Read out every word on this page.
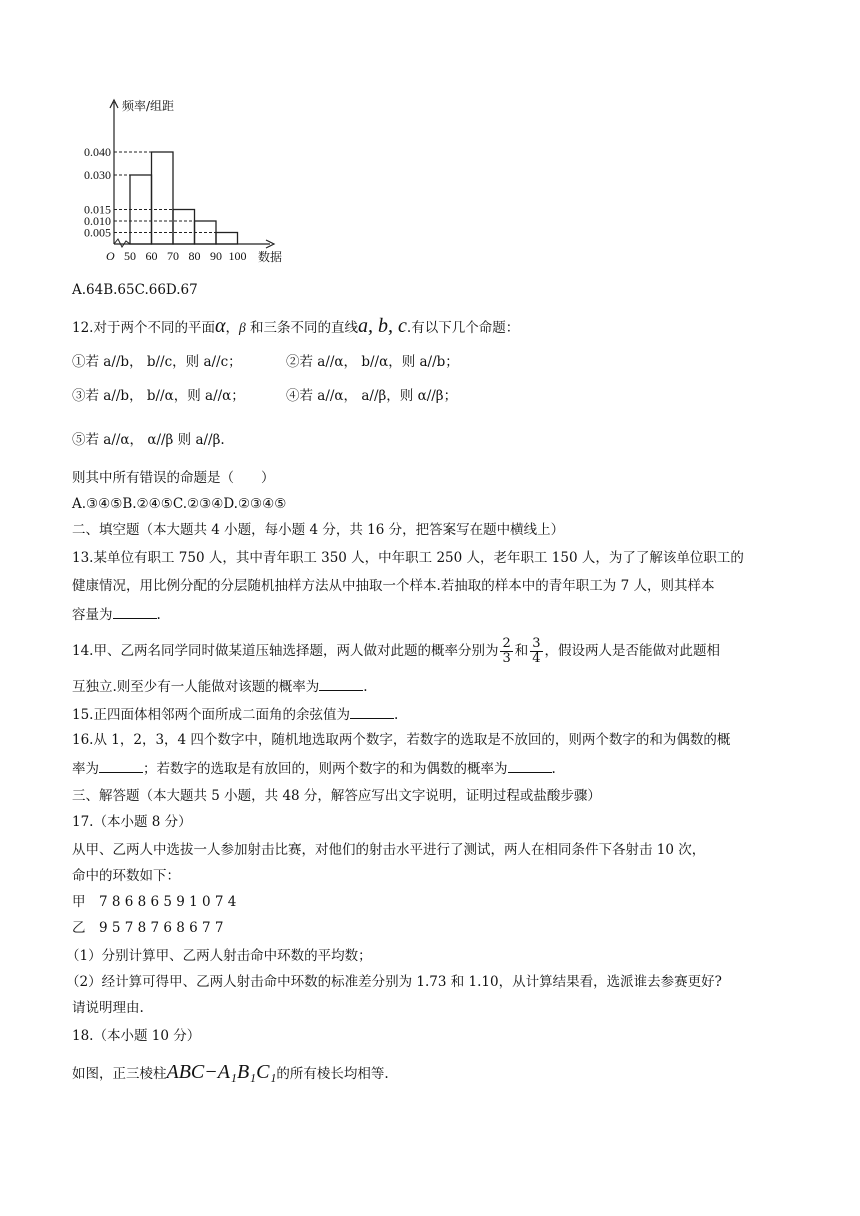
0.040
0.030
0.015
0.010
0.005
50 60 70 80 90 100
O
频率/组距
数据
A.64B.65C.66D.67
12.对于两个不同的平面α，β 和三条不同的直线a, b, c.有以下几个命题：
①若 a//b， b//c，则 a//c；	②若 a//α， b//α，则 a//b；
③若 a//b， b//α，则 a//α；	④若 a//α， a//β，则 α//β；
⑤若 a//α， α//β 则 a//β.
则其中所有错误的命题是（　　）
A.③④⑤B.②④⑤C.②③④D.②③④⑤
二、填空题（本大题共 4 小题，每小题 4 分，共 16 分，把答案写在题中横线上）
13.某单位有职工 750 人，其中青年职工 350 人，中年职工 250 人，老年职工 150 人，为了了解该单位职工的
健康情况，用比例分配的分层随机抽样方法从中抽取一个样本.若抽取的样本中的青年职工为 7 人，则其样本
容量为	.
14.甲、乙两名同学同时做某道压轴选择题，两人做对此题的概率分别为 $\frac{2}{3}$ 和 $\frac{3}{4}$ ，假设两人是否能做对此题相
互独立.则至少有一人能做对该题的概率为	.
15.正四面体相邻两个面所成二面角的余弦值为	.
16.从 1，2，3，4 四个数字中，随机地选取两个数字，若数字的选取是不放回的，则两个数字的和为偶数的概
率为	；若数字的选取是有放回的，则两个数字的和为偶数的概率为	.
三、解答题（本大题共 5 小题，共 48 分，解答应写出文字说明，证明过程或盐酸步骤）
17.（本小题 8 分）
从甲、乙两人中选拔一人参加射击比赛，对他们的射击水平进行了测试，两人在相同条件下各射击 10 次，
命中的环数如下：
甲　7 8 6 8 6 5 9 1 0 7 4
乙　9 5 7 8 7 6 8 6 7 7
（1）分别计算甲、乙两人射击命中环数的平均数；
（2）经计算可得甲、乙两人射击命中环数的标准差分别为 1.73 和 1.10，从计算结果看，选派谁去参赛更好?
请说明理由.
18.（本小题 10 分）
如图，正三棱柱ABC−A₁B₁C₁的所有棱长均相等.
